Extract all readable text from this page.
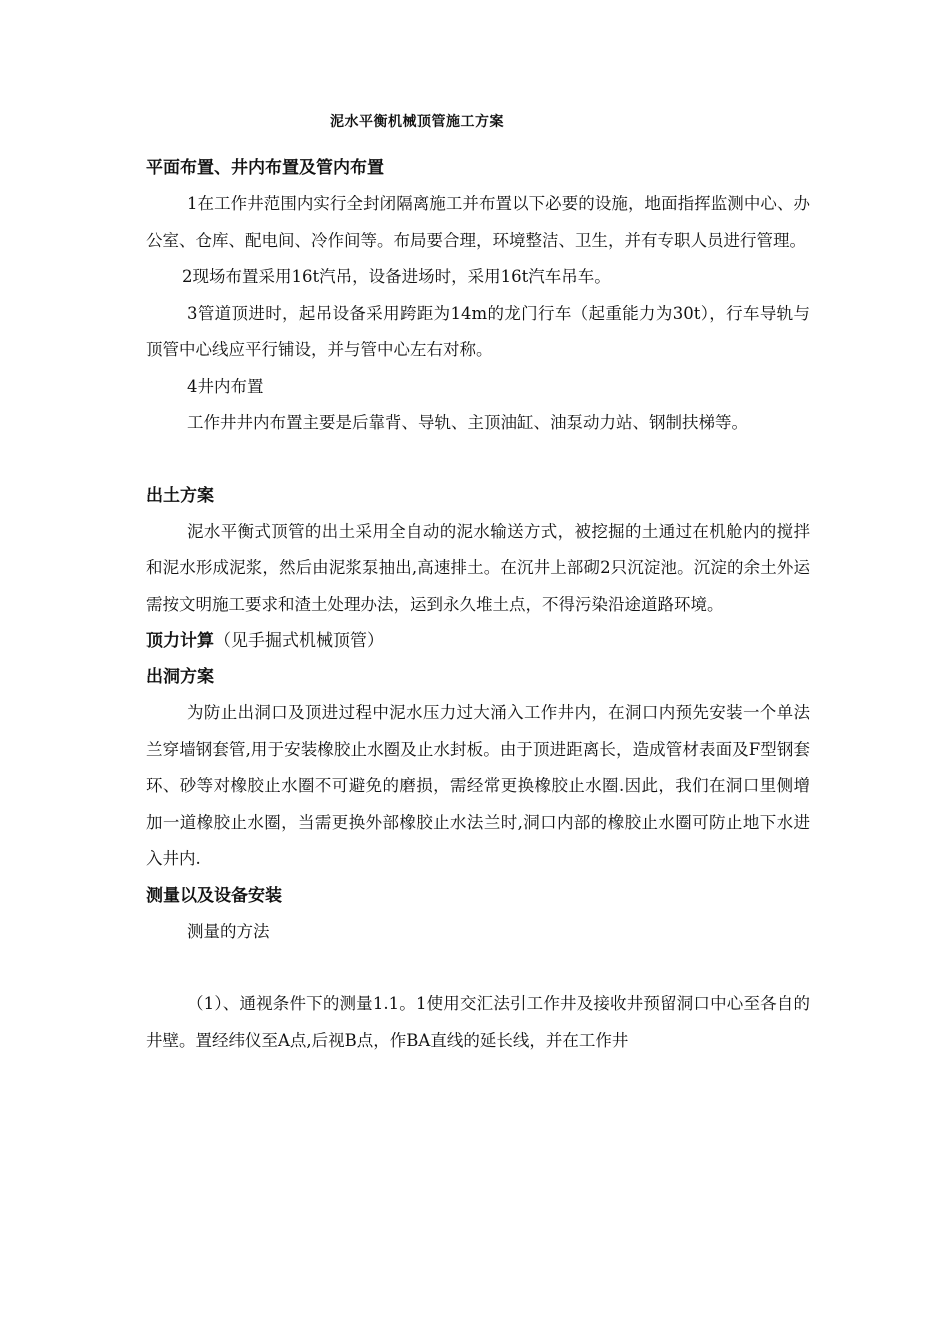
泥水平衡机械顶管施工方案
平面布置、井内布置及管内布置

1在工作井范围内实行全封闭隔离施工并布置以下必要的设施，地面指挥监测中心、办公室、仓库、配电间、冷作间等。布局要合理，环境整洁、卫生，并有专职人员进行管理。

2现场布置采用16t汽吊，设备进场时，采用16t汽车吊车。

3管道顶进时，起吊设备采用跨距为14m的龙门行车（起重能力为30t），行车导轨与顶管中心线应平行铺设，并与管中心左右对称。

4井内布置

工作井井内布置主要是后靠背、导轨、主顶油缸、油泵动力站、钢制扶梯等。

出土方案

泥水平衡式顶管的出土采用全自动的泥水输送方式，被挖掘的土通过在机舱内的搅拌和泥水形成泥浆，然后由泥浆泵抽出,高速排土。在沉井上部砌2只沉淀池。沉淀的余土外运需按文明施工要求和渣土处理办法，运到永久堆土点，不得污染沿途道路环境。

顶力计算（见手掘式机械顶管）
出洞方案

为防止出洞口及顶进过程中泥水压力过大涌入工作井内，在洞口内预先安装一个单法兰穿墙钢套管,用于安装橡胶止水圈及止水封板。由于顶进距离长，造成管材表面及F型钢套环、砂等对橡胶止水圈不可避免的磨损，需经常更换橡胶止水圈.因此，我们在洞口里侧增加一道橡胶止水圈，当需更换外部橡胶止水法兰时,洞口内部的橡胶止水圈可防止地下水进入井内.

测量以及设备安装

测量的方法

（1）、通视条件下的测量1.1。1使用交汇法引工作井及接收井预留洞口中心至各自的井壁。置经纬仪至A点,后视B点，作BA直线的延长线，并在工作井
